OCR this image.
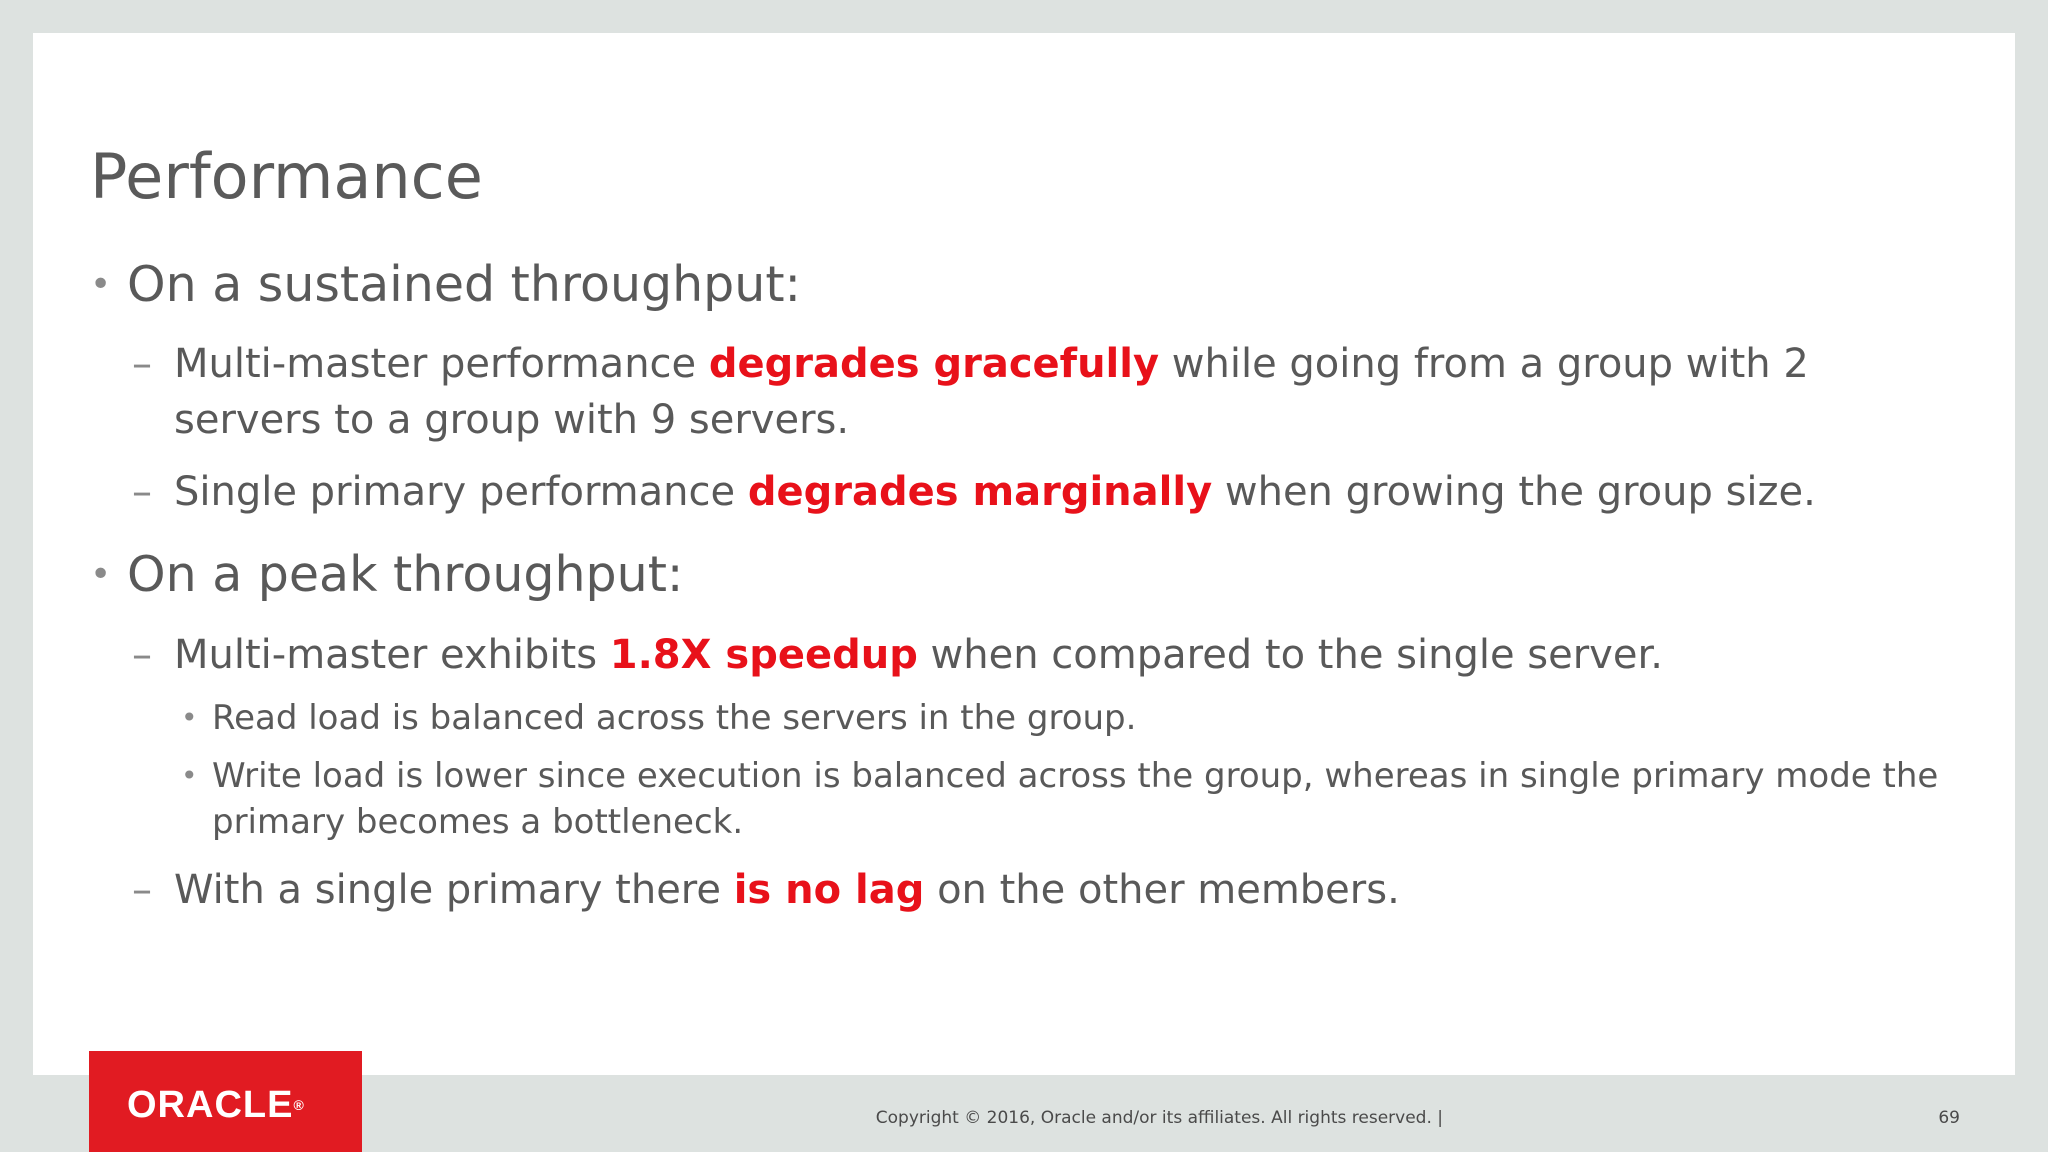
Performance
• On a sustained throughput:
– Multi-master performance degrades gracefully while going from a group with 2
servers to a group with 9 servers.
– Single primary performance degrades marginally when growing the group size.
• On a peak throughput:
– Multi-master exhibits 1.8X speedup when compared to the single server.
• Read load is balanced across the servers in the group.
• Write load is lower since execution is balanced across the group, whereas in single primary mode the
primary becomes a bottleneck.
– With a single primary there is no lag on the other members.
ORACLE®
Copyright © 2016, Oracle and/or its affiliates. All rights reserved. |	69
